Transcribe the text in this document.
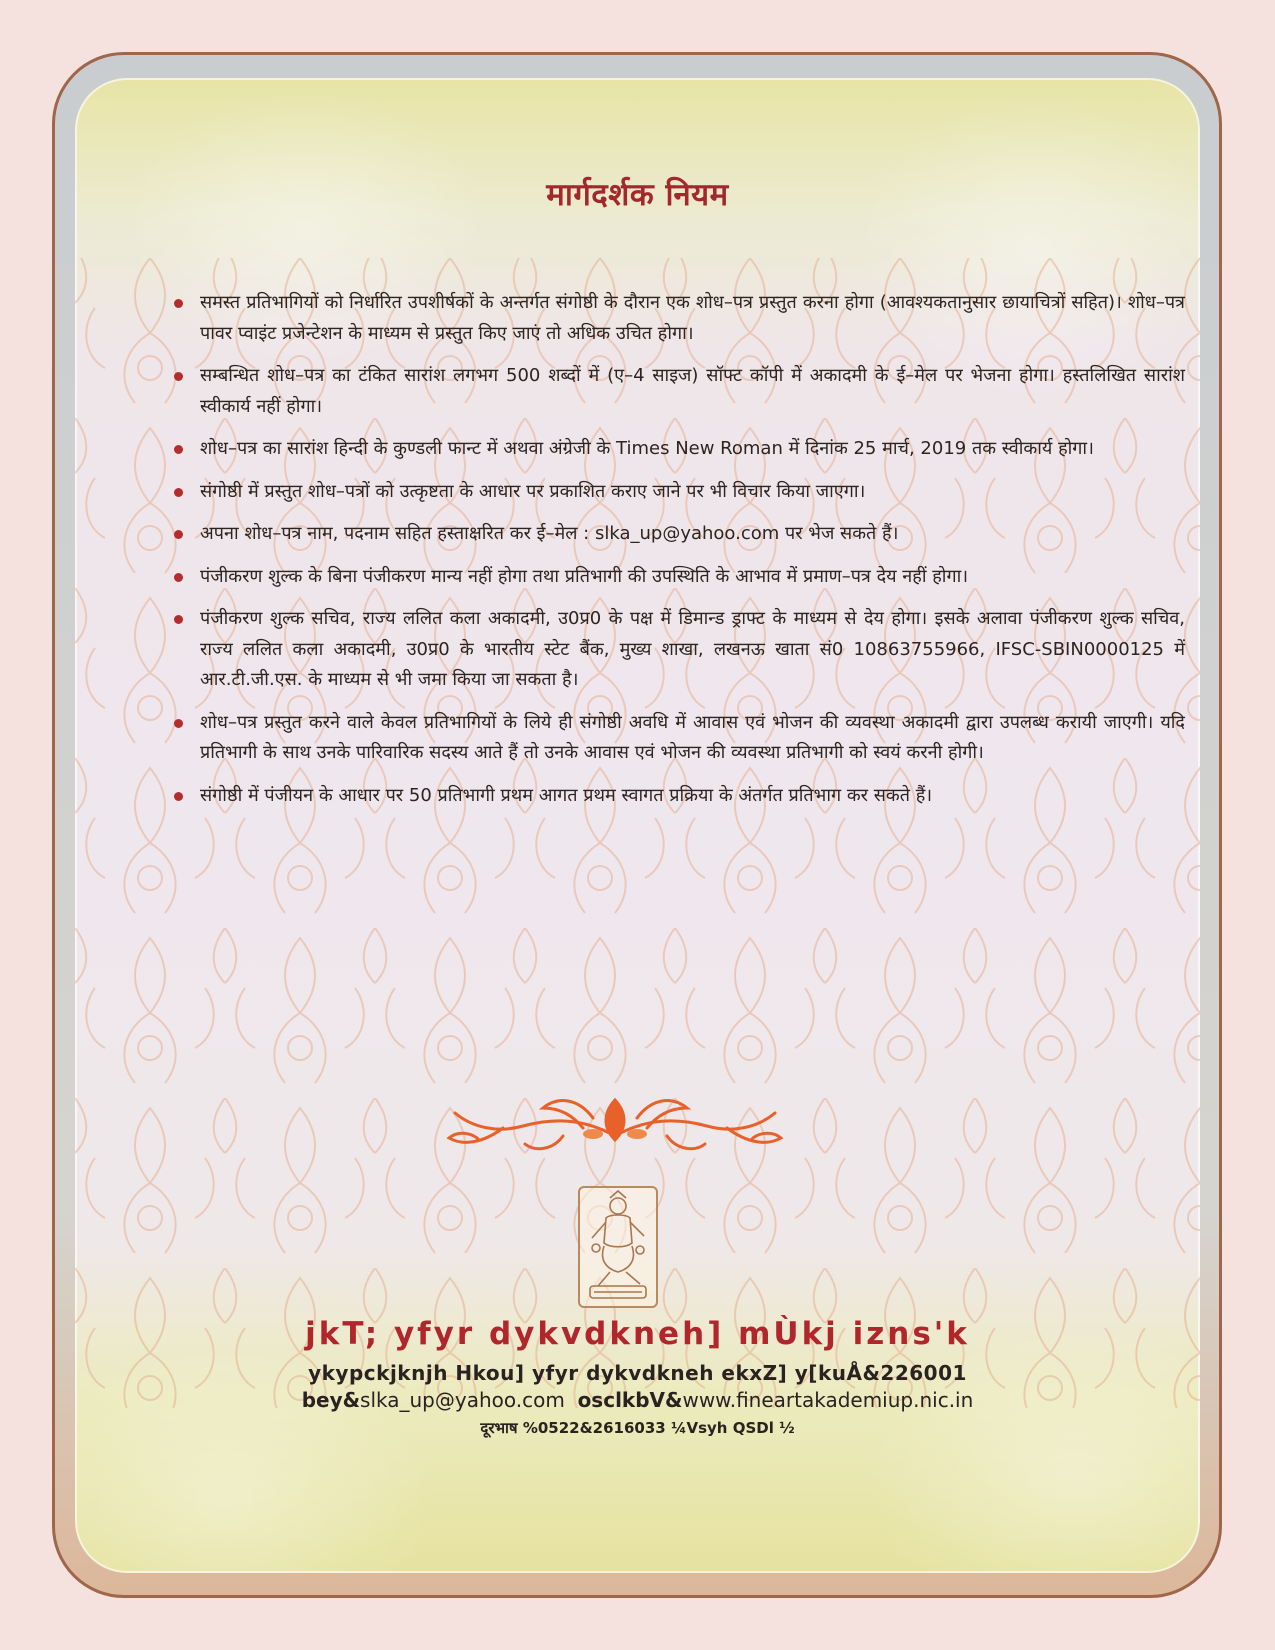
मार्गदर्शक नियम
समस्त प्रतिभागियों को निर्धारित उपशीर्षकों के अन्तर्गत संगोष्ठी के दौरान एक शोध–पत्र प्रस्तुत करना होगा (आवश्यकतानुसार छायाचित्रों सहित)। शोध–पत्र पावर प्वाइंट प्रजेन्टेशन के माध्यम से प्रस्तुत किए जाएं तो अधिक उचित होगा।
सम्बन्धित शोध–पत्र का टंकित सारांश लगभग 500 शब्दों में (ए–4 साइज) सॉफ्ट कॉपी में अकादमी के ई–मेल पर भेजना होगा। हस्तलिखित सारांश स्वीकार्य नहीं होगा।
शोध–पत्र का सारांश हिन्दी के कुण्डली फान्ट में अथवा अंग्रेजी के Times New Roman में दिनांक 25 मार्च, 2019 तक स्वीकार्य होगा।
संगोष्ठी में प्रस्तुत शोध–पत्रों को उत्कृष्टता के आधार पर प्रकाशित कराए जाने पर भी विचार किया जाएगा।
अपना शोध–पत्र नाम, पदनाम सहित हस्ताक्षरित कर ई–मेल : slka_up@yahoo.com पर भेज सकते हैं।
पंजीकरण शुल्क के बिना पंजीकरण मान्य नहीं होगा तथा प्रतिभागी की उपस्थिति के आभाव में प्रमाण–पत्र देय नहीं होगा।
पंजीकरण शुल्क सचिव, राज्य ललित कला अकादमी, उ0प्र0 के पक्ष में डिमान्ड ड्राफ्ट के माध्यम से देय होगा। इसके अलावा पंजीकरण शुल्क सचिव, राज्य ललित कला अकादमी, उ0प्र0 के भारतीय स्टेट बैंक, मुख्य शाखा, लखनऊ खाता सं0 10863755966, IFSC-SBIN0000125 में आर.टी.जी.एस. के माध्यम से भी जमा किया जा सकता है।
शोध–पत्र प्रस्तुत करने वाले केवल प्रतिभागियों के लिये ही संगोष्ठी अवधि में आवास एवं भोजन की व्यवस्था अकादमी द्वारा उपलब्ध करायी जाएगी। यदि प्रतिभागी के साथ उनके पारिवारिक सदस्य आते हैं तो उनके आवास एवं भोजन की व्यवस्था प्रतिभागी को स्वयं करनी होगी।
संगोष्ठी में पंजीयन के आधार पर 50 प्रतिभागी प्रथम आगत प्रथम स्वागत प्रक्रिया के अंतर्गत प्रतिभाग कर सकते हैं।
jkT; yfyr dykvdkneh] mÙkj izns'k
ykypckjknjh Hkou] yfyr dykvdkneh ekxZ] y[kuÅ&226001
bey&slka_up@yahoo.com osclkbV&www.fineartakademiup.nic.in
दूरभाष %0522&2616033 ¼Vsyh QSDl ½
